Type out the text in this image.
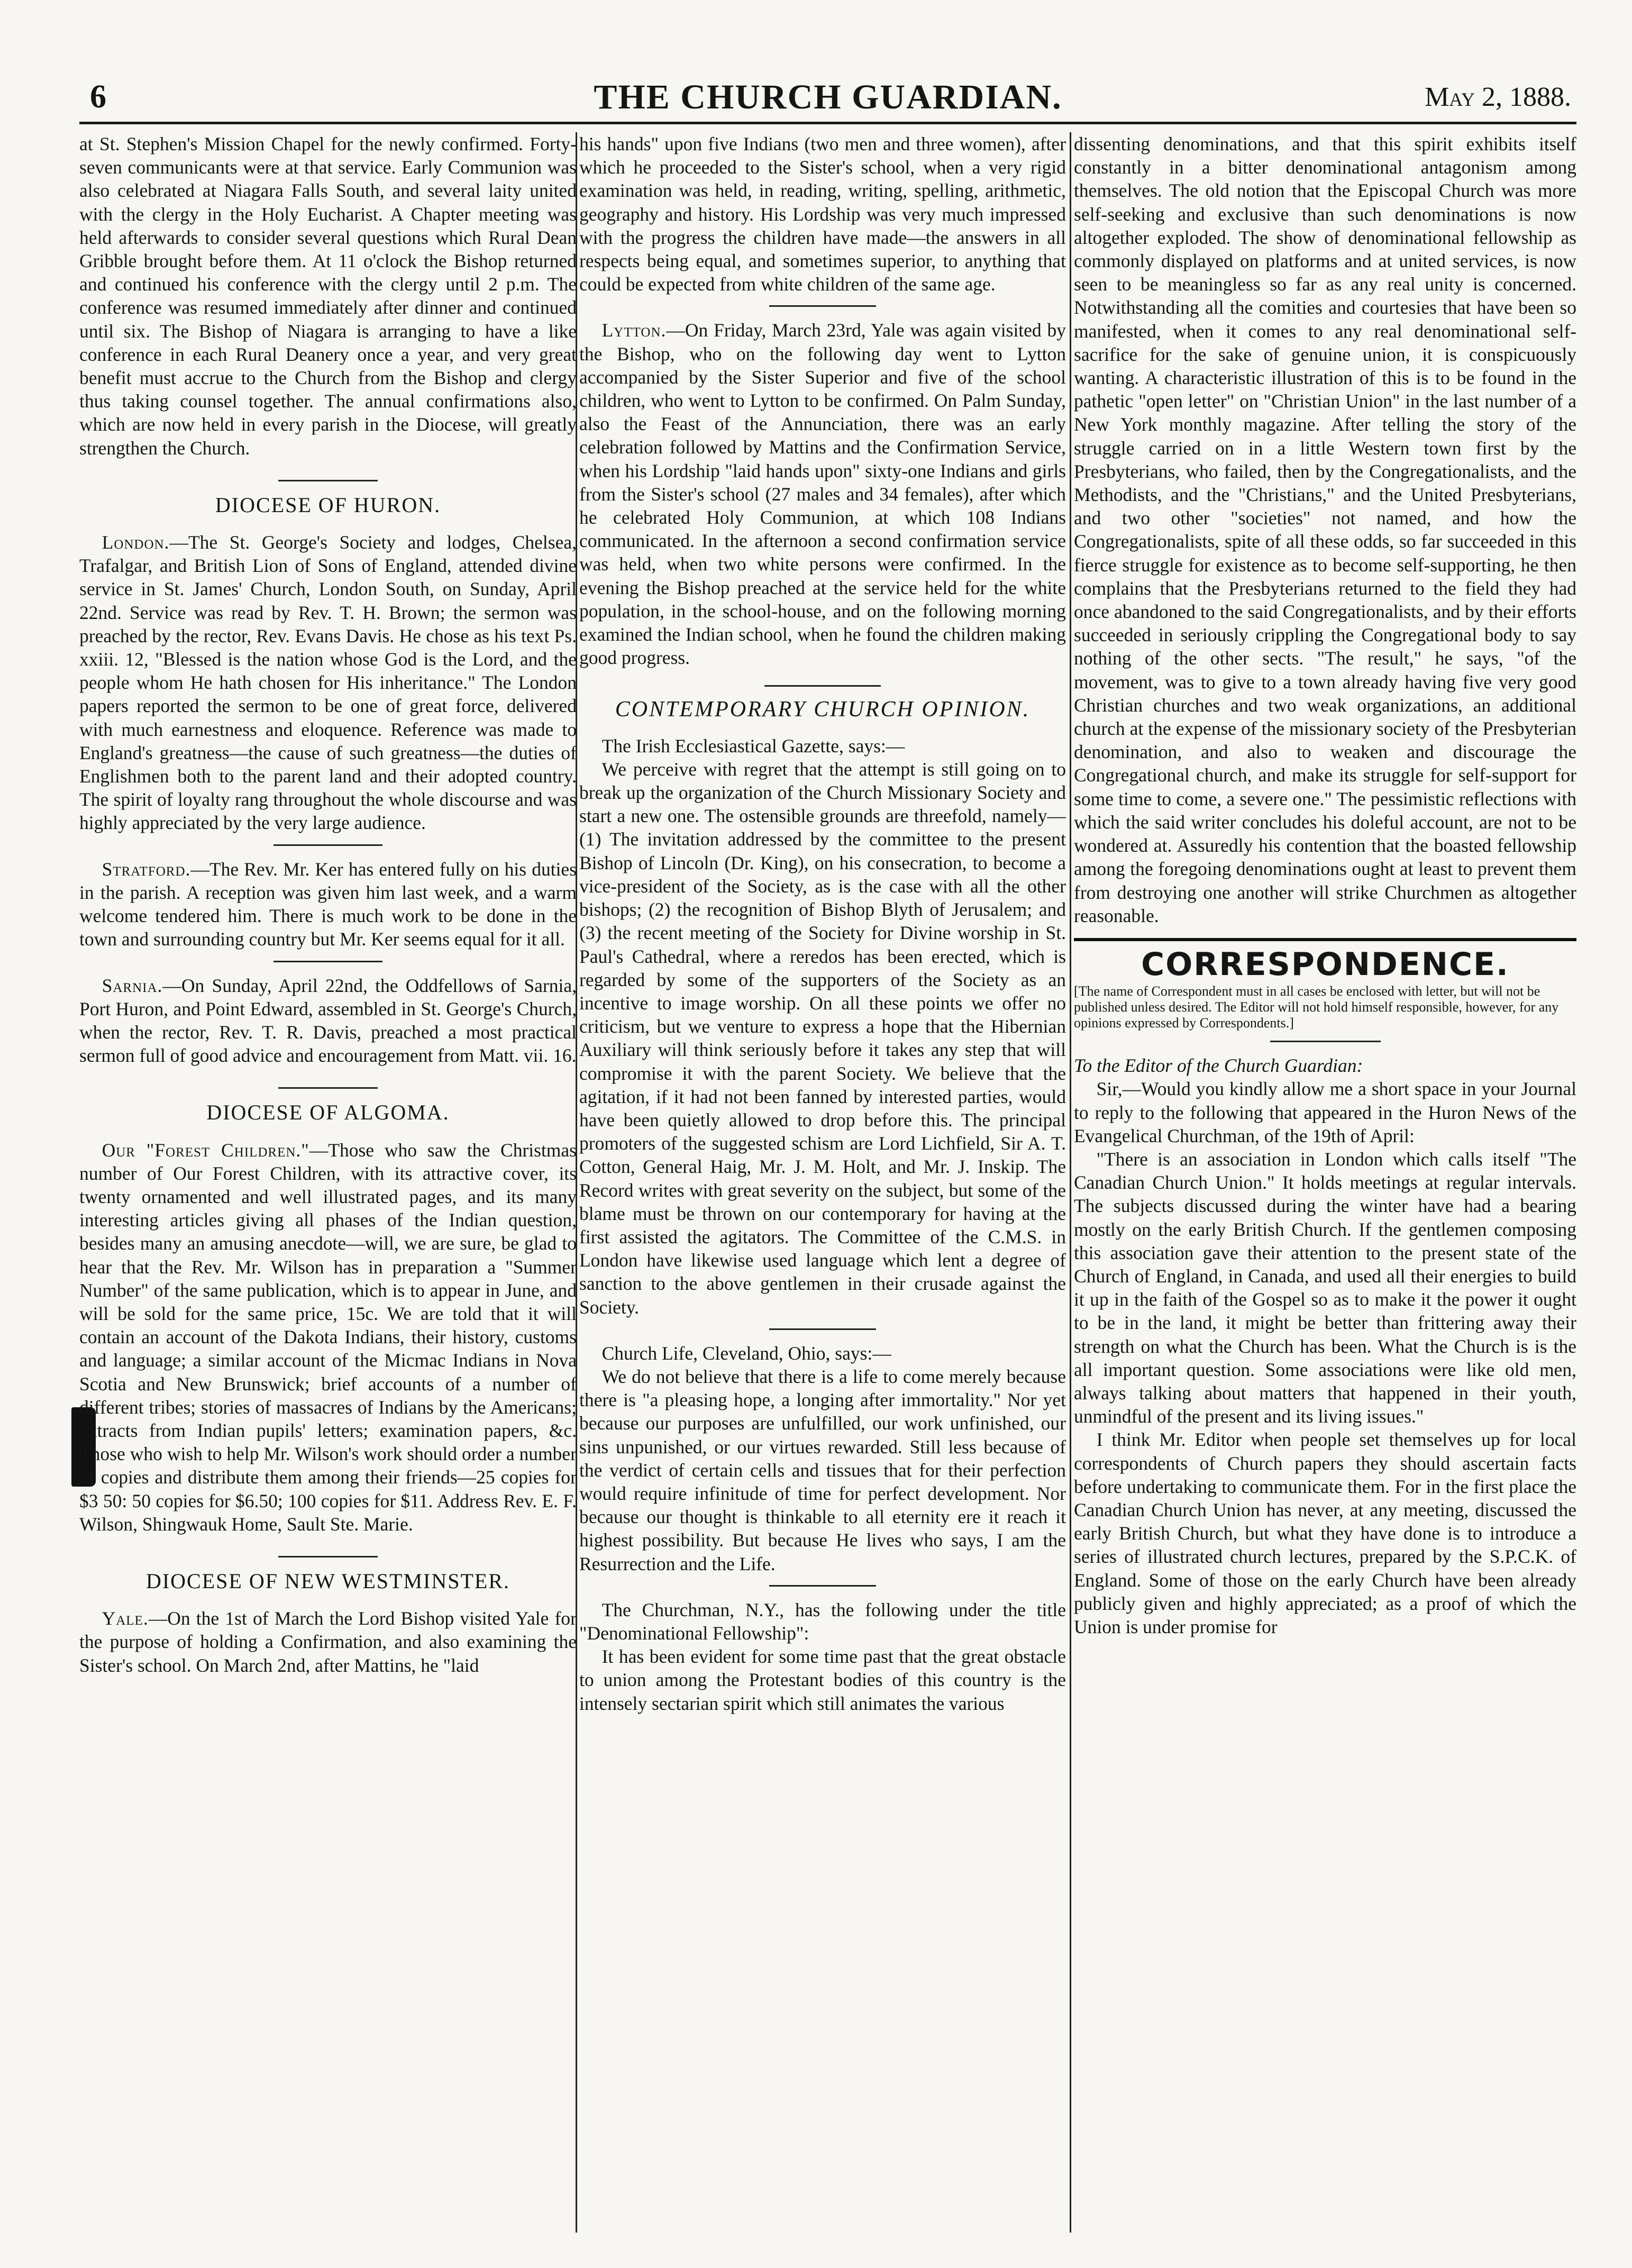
6	THE CHURCH GUARDIAN.	May 2, 1888.

at St. Stephen's Mission Chapel for the newly confirmed. Forty-seven communicants were at that service. Early Communion was also celebrated at Niagara Falls South, and several laity united with the clergy in the Holy Eucharist. A Chapter meeting was held afterwards to consider several questions which Rural Dean Gribble brought before them. At 11 o'clock the Bishop returned and continued his conference with the clergy until 2 p.m. The conference was resumed immediately after dinner and continued until six. The Bishop of Niagara is arranging to have a like conference in each Rural Deanery once a year, and very great benefit must accrue to the Church from the Bishop and clergy thus taking counsel together. The annual confirmations also, which are now held in every parish in the Diocese, will greatly strengthen the Church.

DIOCESE OF HURON.

London.—The St. George's Society and lodges, Chelsea, Trafalgar, and British Lion of Sons of England, attended divine service in St. James' Church, London South, on Sunday, April 22nd. Service was read by Rev. T. H. Brown; the sermon was preached by the rector, Rev. Evans Davis. He chose as his text Ps. xxiii. 12, "Blessed is the nation whose God is the Lord, and the people whom He hath chosen for His inheritance." The London papers reported the sermon to be one of great force, delivered with much earnestness and eloquence. Reference was made to England's greatness—the cause of such greatness—the duties of Englishmen both to the parent land and their adopted country. The spirit of loyalty rang throughout the whole discourse and was highly appreciated by the very large audience.

Stratford.—The Rev. Mr. Ker has entered fully on his duties in the parish. A reception was given him last week, and a warm welcome tendered him. There is much work to be done in the town and surrounding country but Mr. Ker seems equal for it all.

Sarnia.—On Sunday, April 22nd, the Oddfellows of Sarnia, Port Huron, and Point Edward, assembled in St. George's Church, when the rector, Rev. T. R. Davis, preached a most practical sermon full of good advice and encouragement from Matt. vii. 16.

DIOCESE OF ALGOMA.

Our "Forest Children."—Those who saw the Christmas number of Our Forest Children, with its attractive cover, its twenty ornamented and well illustrated pages, and its many interesting articles giving all phases of the Indian question, besides many an amusing anecdote—will, we are sure, be glad to hear that the Rev. Mr. Wilson has in preparation a "Summer Number" of the same publication, which is to appear in June, and will be sold for the same price, 15c. We are told that it will contain an account of the Dakota Indians, their history, customs and language; a similar account of the Micmac Indians in Nova Scotia and New Brunswick; brief accounts of a number of different tribes; stories of massacres of Indians by the Americans; extracts from Indian pupils' letters; examination papers, &c. Those who wish to help Mr. Wilson's work should order a number of copies and distribute them among their friends—25 copies for $3 50: 50 copies for $6.50; 100 copies for $11. Address Rev. E. F. Wilson, Shingwauk Home, Sault Ste. Marie.

DIOCESE OF NEW WESTMINSTER.

Yale.—On the 1st of March the Lord Bishop visited Yale for the purpose of holding a Confirmation, and also examining the Sister's school. On March 2nd, after Mattins, he "laid

his hands" upon five Indians (two men and three women), after which he proceeded to the Sister's school, when a very rigid examination was held, in reading, writing, spelling, arithmetic, geography and history. His Lordship was very much impressed with the progress the children have made—the answers in all respects being equal, and sometimes superior, to anything that could be expected from white children of the same age.

Lytton.—On Friday, March 23rd, Yale was again visited by the Bishop, who on the following day went to Lytton accompanied by the Sister Superior and five of the school children, who went to Lytton to be confirmed. On Palm Sunday, also the Feast of the Annunciation, there was an early celebration followed by Mattins and the Confirmation Service, when his Lordship "laid hands upon" sixty-one Indians and girls from the Sister's school (27 males and 34 females), after which he celebrated Holy Communion, at which 108 Indians communicated. In the afternoon a second confirmation service was held, when two white persons were confirmed. In the evening the Bishop preached at the service held for the white population, in the school-house, and on the following morning examined the Indian school, when he found the children making good progress.

CONTEMPORARY CHURCH OPINION.

The Irish Ecclesiastical Gazette, says:—

We perceive with regret that the attempt is still going on to break up the organization of the Church Missionary Society and start a new one. The ostensible grounds are threefold, namely—(1) The invitation addressed by the committee to the present Bishop of Lincoln (Dr. King), on his consecration, to become a vice-president of the Society, as is the case with all the other bishops; (2) the recognition of Bishop Blyth of Jerusalem; and (3) the recent meeting of the Society for Divine worship in St. Paul's Cathedral, where a reredos has been erected, which is regarded by some of the supporters of the Society as an incentive to image worship. On all these points we offer no criticism, but we venture to express a hope that the Hibernian Auxiliary will think seriously before it takes any step that will compromise it with the parent Society. We believe that the agitation, if it had not been fanned by interested parties, would have been quietly allowed to drop before this. The principal promoters of the suggested schism are Lord Lichfield, Sir A. T. Cotton, General Haig, Mr. J. M. Holt, and Mr. J. Inskip. The Record writes with great severity on the subject, but some of the blame must be thrown on our contemporary for having at the first assisted the agitators. The Committee of the C.M.S. in London have likewise used language which lent a degree of sanction to the above gentlemen in their crusade against the Society.

Church Life, Cleveland, Ohio, says:—

We do not believe that there is a life to come merely because there is "a pleasing hope, a longing after immortality." Nor yet because our purposes are unfulfilled, our work unfinished, our sins unpunished, or our virtues rewarded. Still less because of the verdict of certain cells and tissues that for their perfection would require infinitude of time for perfect development. Nor because our thought is thinkable to all eternity ere it reach it highest possibility. But because He lives who says, I am the Resurrection and the Life.

The Churchman, N.Y., has the following under the title "Denominational Fellowship":

It has been evident for some time past that the great obstacle to union among the Protestant bodies of this country is the intensely sectarian spirit which still animates the various

dissenting denominations, and that this spirit exhibits itself constantly in a bitter denominational antagonism among themselves. The old notion that the Episcopal Church was more self-seeking and exclusive than such denominations is now altogether exploded. The show of denominational fellowship as commonly displayed on platforms and at united services, is now seen to be meaningless so far as any real unity is concerned. Notwithstanding all the comities and courtesies that have been so manifested, when it comes to any real denominational self-sacrifice for the sake of genuine union, it is conspicuously wanting. A characteristic illustration of this is to be found in the pathetic "open letter" on "Christian Union" in the last number of a New York monthly magazine. After telling the story of the struggle carried on in a little Western town first by the Presbyterians, who failed, then by the Congregationalists, and the Methodists, and the "Christians," and the United Presbyterians, and two other "societies" not named, and how the Congregationalists, spite of all these odds, so far succeeded in this fierce struggle for existence as to become self-supporting, he then complains that the Presbyterians returned to the field they had once abandoned to the said Congregationalists, and by their efforts succeeded in seriously crippling the Congregational body to say nothing of the other sects. "The result," he says, "of the movement, was to give to a town already having five very good Christian churches and two weak organizations, an additional church at the expense of the missionary society of the Presbyterian denomination, and also to weaken and discourage the Congregational church, and make its struggle for self-support for some time to come, a severe one." The pessimistic reflections with which the said writer concludes his doleful account, are not to be wondered at. Assuredly his contention that the boasted fellowship among the foregoing denominations ought at least to prevent them from destroying one another will strike Churchmen as altogether reasonable.

CORRESPONDENCE.
[The name of Correspondent must in all cases be enclosed with letter, but will not be published unless desired. The Editor will not hold himself responsible, however, for any opinions expressed by Correspondents.]

To the Editor of the Church Guardian:

Sir,—Would you kindly allow me a short space in your Journal to reply to the following that appeared in the Huron News of the Evangelical Churchman, of the 19th of April:

"There is an association in London which calls itself "The Canadian Church Union." It holds meetings at regular intervals. The subjects discussed during the winter have had a bearing mostly on the early British Church. If the gentlemen composing this association gave their attention to the present state of the Church of England, in Canada, and used all their energies to build it up in the faith of the Gospel so as to make it the power it ought to be in the land, it might be better than frittering away their strength on what the Church has been. What the Church is is the all important question. Some associations were like old men, always talking about matters that happened in their youth, unmindful of the present and its living issues."

I think Mr. Editor when people set themselves up for local correspondents of Church papers they should ascertain facts before undertaking to communicate them. For in the first place the Canadian Church Union has never, at any meeting, discussed the early British Church, but what they have done is to introduce a series of illustrated church lectures, prepared by the S.P.C.K. of England. Some of those on the early Church have been already publicly given and highly appreciated; as a proof of which the Union is under promise for
